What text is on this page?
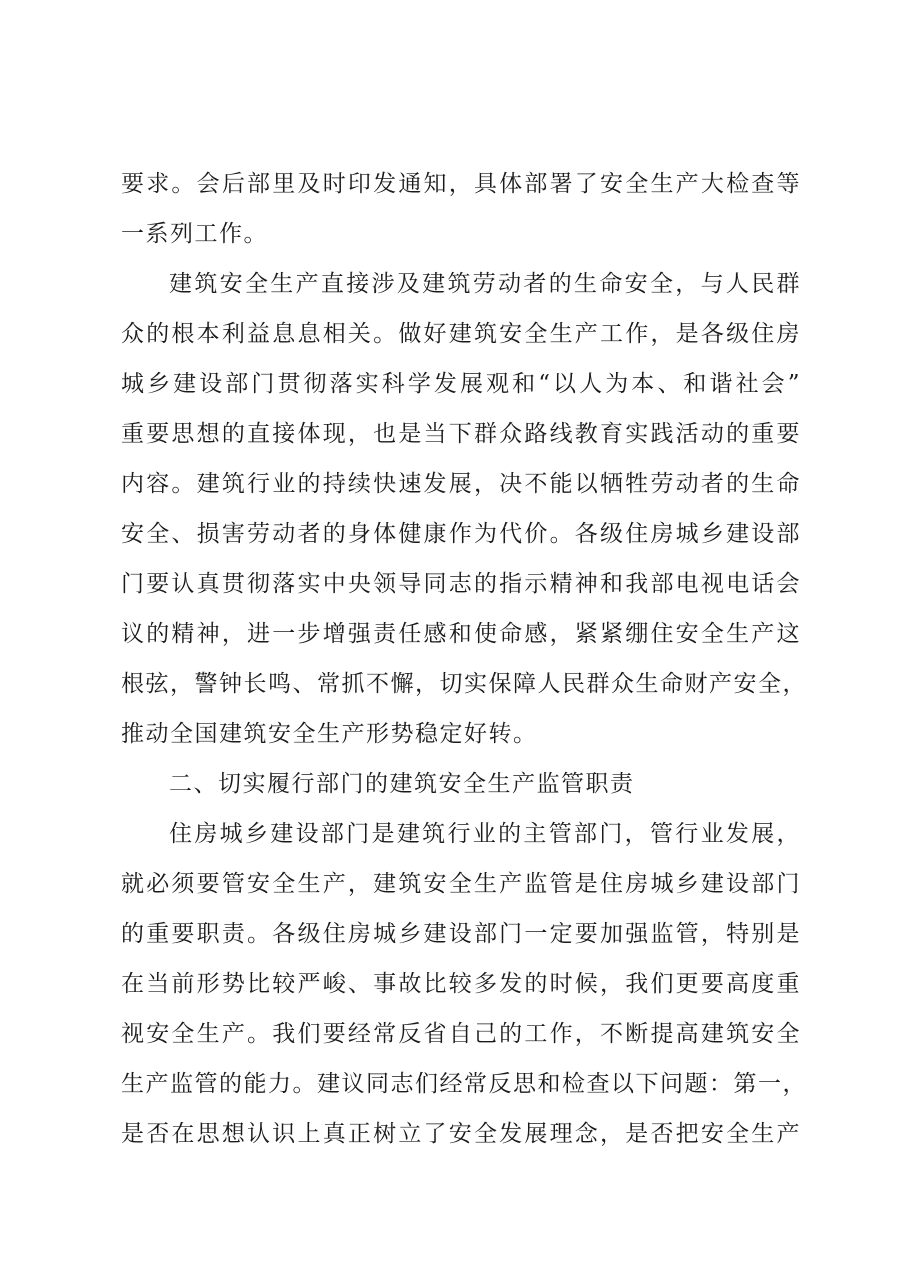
要求。会后部里及时印发通知，具体部署了安全生产大检查等
一系列工作。
建筑安全生产直接涉及建筑劳动者的生命安全，与人民群
众的根本利益息息相关。做好建筑安全生产工作，是各级住房
城乡建设部门贯彻落实科学发展观和“以人为本、和谐社会”
重要思想的直接体现，也是当下群众路线教育实践活动的重要
内容。建筑行业的持续快速发展，决不能以牺牲劳动者的生命
安全、损害劳动者的身体健康作为代价。各级住房城乡建设部
门要认真贯彻落实中央领导同志的指示精神和我部电视电话会
议的精神，进一步增强责任感和使命感，紧紧绷住安全生产这
根弦，警钟长鸣、常抓不懈，切实保障人民群众生命财产安全，
推动全国建筑安全生产形势稳定好转。
二、切实履行部门的建筑安全生产监管职责
住房城乡建设部门是建筑行业的主管部门，管行业发展，
就必须要管安全生产，建筑安全生产监管是住房城乡建设部门
的重要职责。各级住房城乡建设部门一定要加强监管，特别是
在当前形势比较严峻、事故比较多发的时候，我们更要高度重
视安全生产。我们要经常反省自己的工作，不断提高建筑安全
生产监管的能力。建议同志们经常反思和检查以下问题：第一，
是否在思想认识上真正树立了安全发展理念，是否把安全生产
